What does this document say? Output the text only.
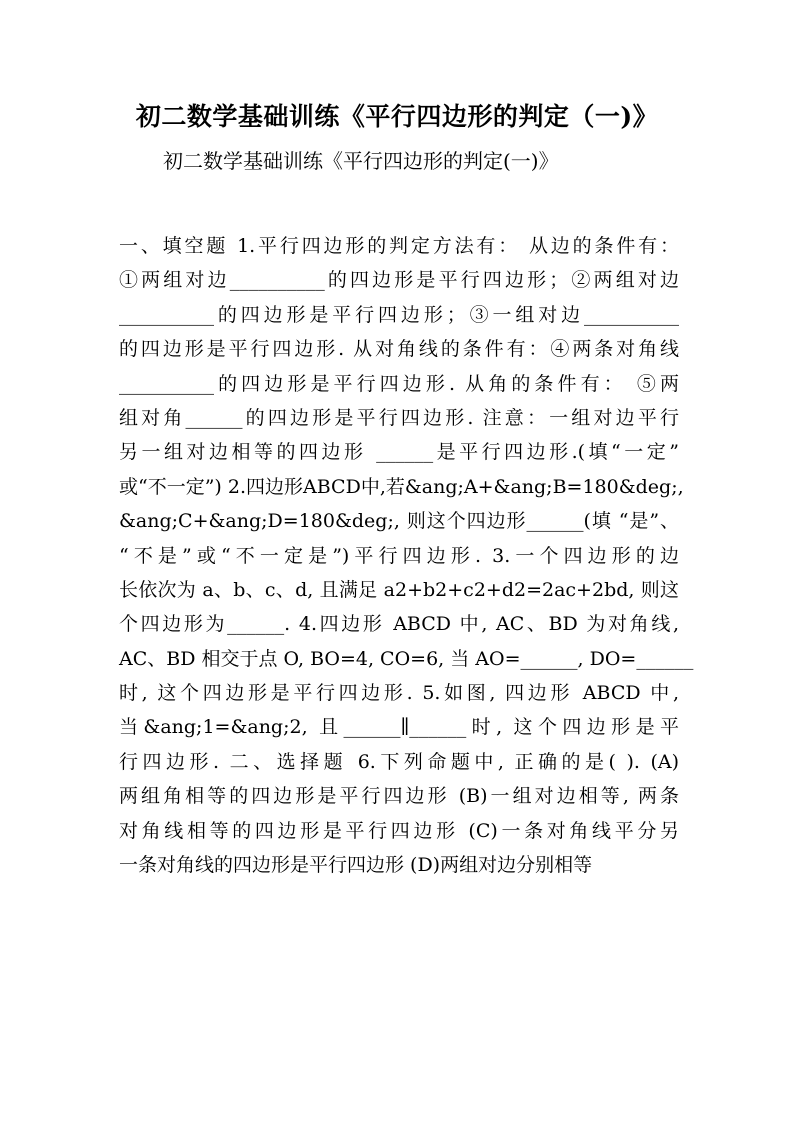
初二数学基础训练《平行四边形的判定（一)》
初二数学基础训练《平行四边形的判定(一)》
一、填空题 1.平行四边形的判定方法有： 从边的条件有：
①两组对边__________的四边形是平行四边形；②两组对边
__________的四边形是平行四边形；③一组对边__________
的四边形是平行四边形. 从对角线的条件有：④两条对角线
__________的四边形是平行四边形. 从角的条件有： ⑤两
组对角______的四边形是平行四边形. 注意：一组对边平行
另一组对边相等的四边形 ______是平行四边形.(填“一定”
或“不一定”) 2.四边形ABCD中,若&ang;A+&ang;B=180&deg;,
&ang;C+&ang;D=180&deg;, 则这个四边形______(填 “是”、
“不是”或“不一定是”)平行四边形. 3.一个四边形的边
长依次为 a、b、c、d, 且满足 a2+b2+c2+d2=2ac+2bd, 则这
个四边形为______. 4.四边形 ABCD 中, AC、BD 为对角线,
AC、BD 相交于点 O, BO=4, CO=6, 当 AO=______, DO=______
时, 这个四边形是平行四边形. 5.如图, 四边形 ABCD 中,
当&ang;1=&ang;2, 且______∥______时, 这个四边形是平
行四边形. 二、选择题 6.下列命题中, 正确的是( ). (A)
两组角相等的四边形是平行四边形 (B)一组对边相等, 两条
对角线相等的四边形是平行四边形 (C)一条对角线平分另
一条对角线的四边形是平行四边形 (D)两组对边分别相等
